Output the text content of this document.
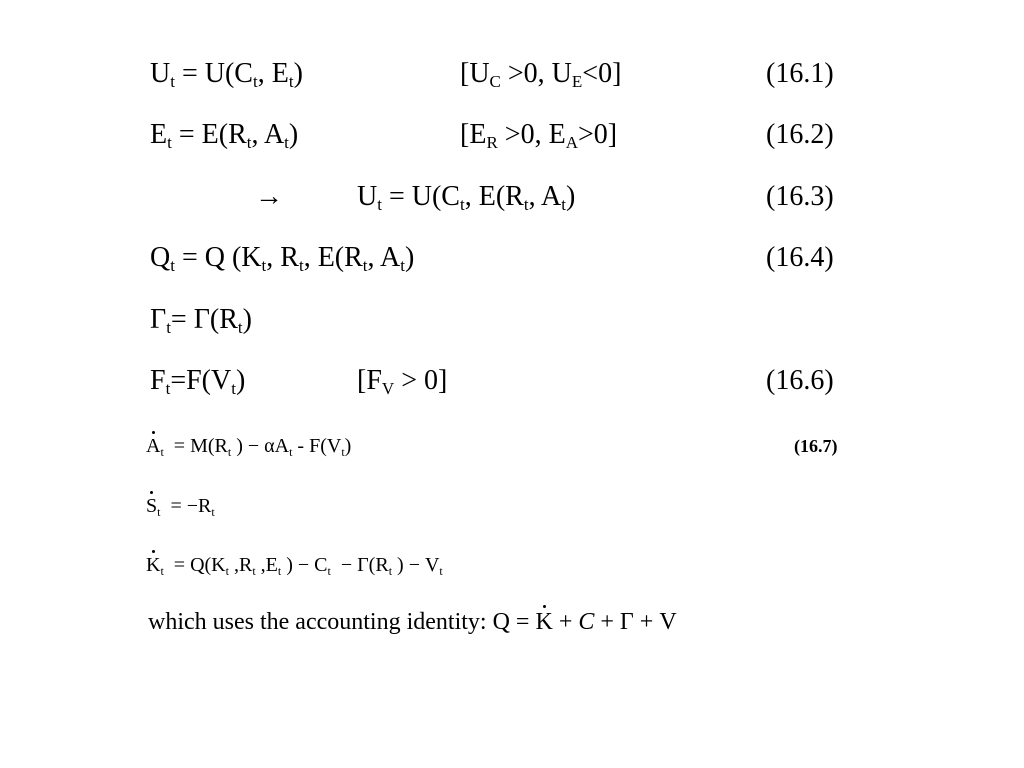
$U_t = U(C_t$, $E_t$)	[$U_C >0$, $U_E<0$]	(16.1)
$E_t = E(R_t$, $A_t$)	[$E_R >0$, $E_A>0$]	(16.2)
→	$U_t = U(C_t$, $E(R_t$, $A_t$)	(16.3)
$Q_t = Q$ ($K_t$, $R_t$, $E(R_t$, $A_t$)	(16.4)
$\Gamma_t= \Gamma(R_t)$
$F_t=F(V_t)$	$[F_V > 0]$	(16.6)
$A_t = M(R_t$ ) − $\alpha A_t - F(V_t)$	(16.7)
$S_t = -R_t$
$K_t = Q(K_t$ $,R_t$ $,E_t$ ) − $C_t - \Gamma(R_t$ ) − $V_t$
which uses the accounting identity: Q = K + C + Γ + V
